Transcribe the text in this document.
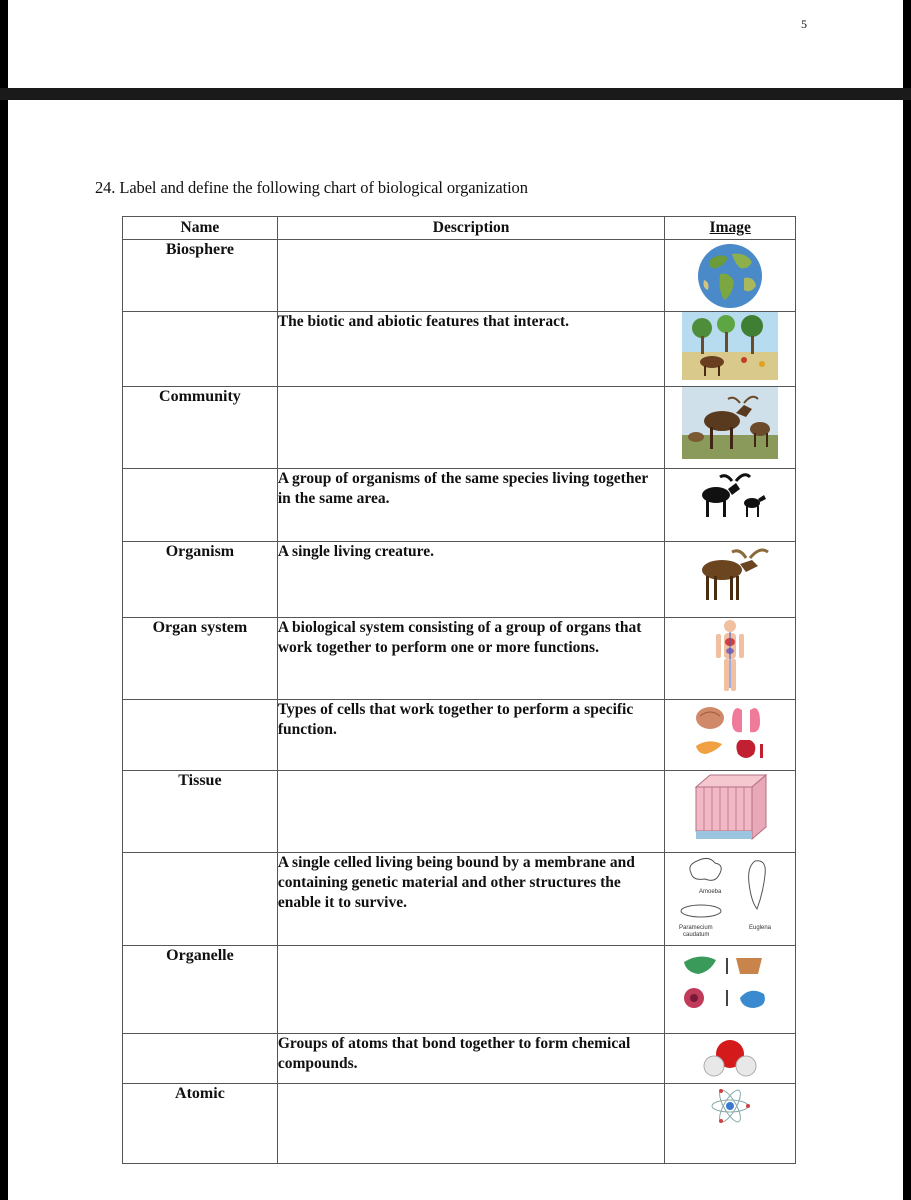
5
24. Label and define the following chart of biological organization
Name	Description	Image
Biosphere		

	The biotic and abiotic features that interact.	

Community		

	A group of organisms of the same species living together in the same area.	

Organism	A single living creature.	

Organ system	A biological system consisting of a group of organs that work together to perform one or more functions.	

	Types of cells that work together to perform a specific function.	

Tissue		

	A single celled living being bound by a membrane and containing genetic material and other structures the enable it to survive.	Amoeba
Paramecium
caudatum
Euglena

Organelle		

	Groups of atoms that bond together to form chemical compounds.	

Atomic		
